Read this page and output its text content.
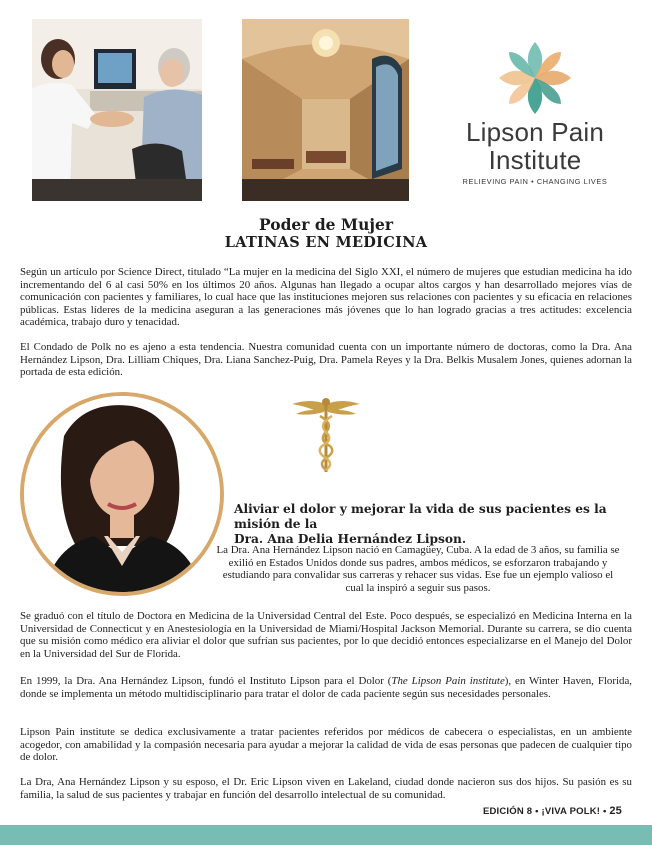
Lipson Pain
Institute
RELIEVING PAIN • CHANGING LIVES
Poder de Mujer
LATINAS EN MEDICINA

Según un artículo por Science Direct, titulado “La mujer en la medicina del Siglo XXI, el número de mujeres que estudian medicina ha ido incrementando del 6 al casi 50% en los últimos 20 años. Algunas han llegado a ocupar altos cargos y han desarrollado mejores vías de comunicación con pacientes y familiares, lo cual hace que las instituciones mejoren sus relaciones con pacientes y su eficacia en relaciones públicas. Estas líderes de la medicina aseguran a las generaciones más jóvenes que lo han logrado gracias a tres actitudes: excelencia académica, trabajo duro y tenacidad.

El Condado de Polk no es ajeno a esta tendencia. Nuestra comunidad cuenta con un importante número de doctoras, como la Dra. Ana Hernández Lipson, Dra. Lilliam Chiques, Dra. Liana Sanchez-Puig, Dra. Pamela Reyes y la Dra. Belkis Musalem Jones, quienes adornan la portada de esta edición.

Aliviar el dolor y mejorar la vida de sus pacientes es la misión de la
Dra. Ana Delia Hernández Lipson.

La Dra. Ana Hernández Lipson nació en Camagüey, Cuba. A la edad de 3 años, su familia se exilió en Estados Unidos donde sus padres, ambos médicos, se esforzaron trabajando y estudiando para convalidar sus carreras y rehacer sus vidas. Ese fue un ejemplo valioso el cual la inspiró a seguir sus pasos.

Se graduó con el título de Doctora en Medicina de la Universidad Central del Este. Poco después, se especializó en Medicina Interna en la Universidad de Connecticut y en Anestesiología en la Universidad de Miami/Hospital Jackson Memorial. Durante su carrera, se dio cuenta que su misión como médico era aliviar el dolor que sufrían sus pacientes, por lo que decidió entonces especializarse en el Manejo del Dolor en la Universidad del Sur de Florida.

En 1999, la Dra. Ana Hernández Lipson, fundó el Instituto Lipson para el Dolor (The Lipson Pain institute), en Winter Haven, Florida, donde se implementa un método multidisciplinario para tratar el dolor de cada paciente según sus necesidades personales.

Lipson Pain institute se dedica exclusivamente a tratar pacientes referidos por médicos de cabecera o especialistas, en un ambiente acogedor, con amabilidad y la compasión necesaria para ayudar a mejorar la calidad de vida de esas personas que padecen de cualquier tipo de dolor.

La Dra, Ana Hernández Lipson y su esposo, el Dr. Eric Lipson viven en Lakeland, ciudad donde nacieron sus dos hijos. Su pasión es su familia, la salud de sus pacientes y trabajar en función del desarrollo intelectual de su comunidad.

EDICIÓN 8 • ¡VIVA POLK! • 25
